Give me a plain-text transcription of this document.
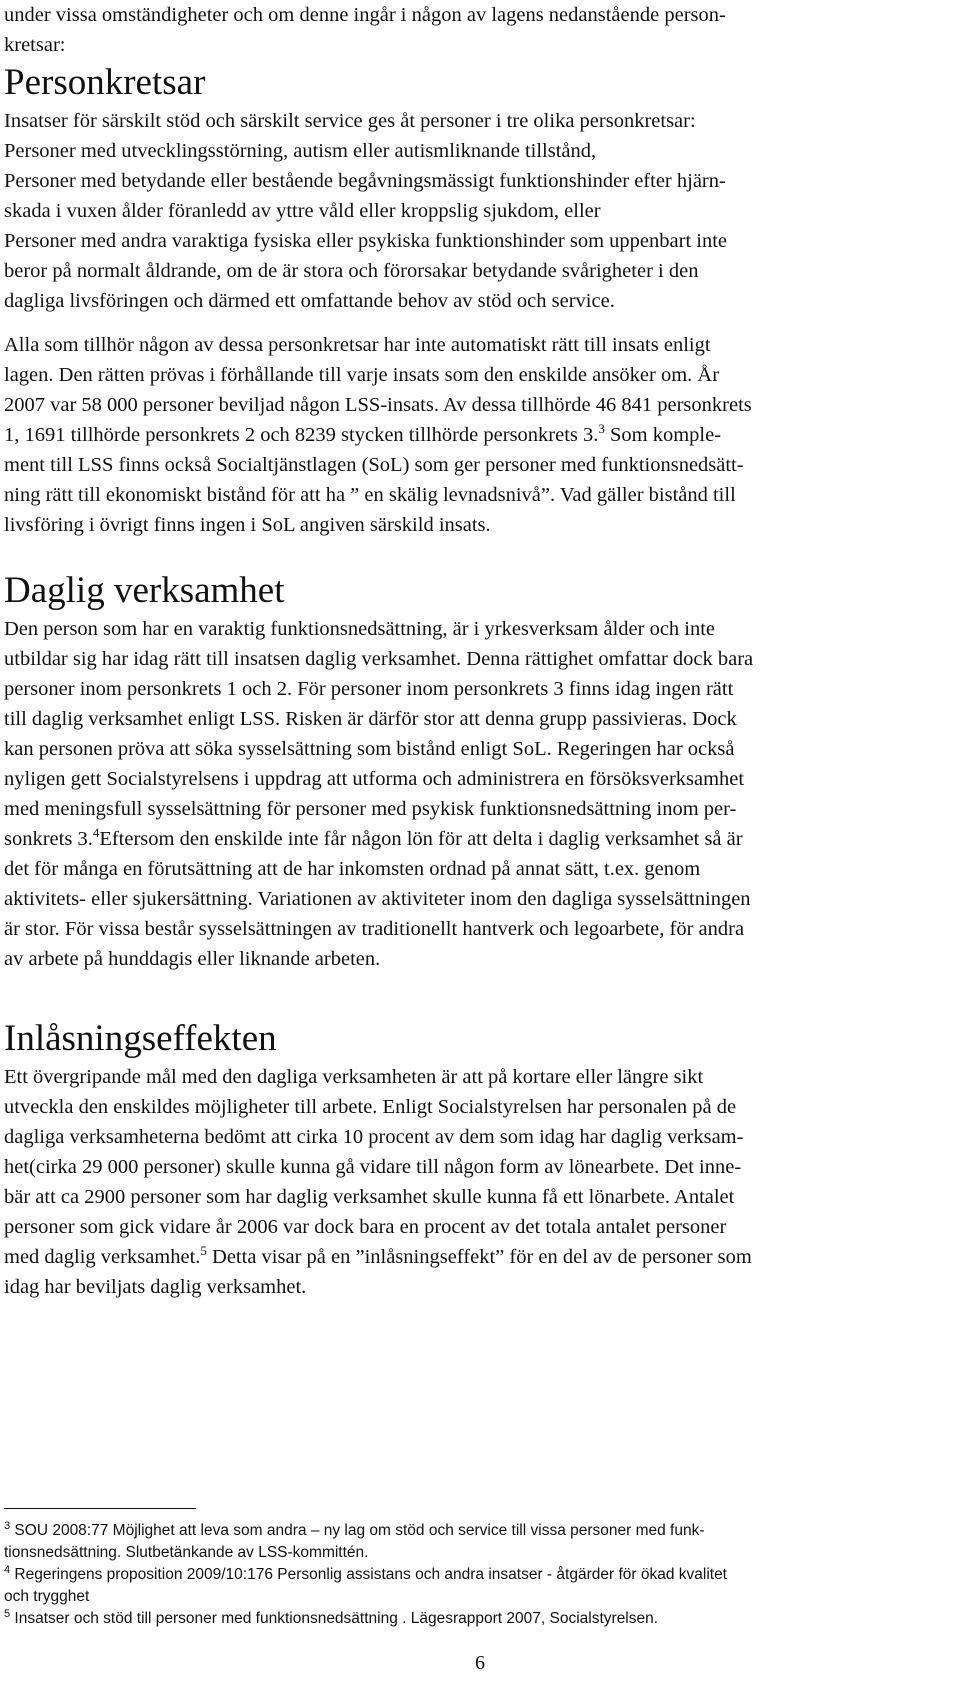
under vissa omständigheter och om denne ingår i någon av lagens nedanstående person-
kretsar:
Personkretsar
Insatser för särskilt stöd och särskilt service ges åt personer i tre olika personkretsar:
Personer med utvecklingsstörning, autism eller autismliknande tillstånd,
Personer med betydande eller bestående begåvningsmässigt funktionshinder efter hjärn-
skada i vuxen ålder föranledd av yttre våld eller kroppslig sjukdom, eller
Personer med andra varaktiga fysiska eller psykiska funktionshinder som uppenbart inte
beror på normalt åldrande, om de är stora och förorsakar betydande svårigheter i den
dagliga livsföringen och därmed ett omfattande behov av stöd och service.
Alla som tillhör någon av dessa personkretsar har inte automatiskt rätt till insats enligt
lagen. Den rätten prövas i förhållande till varje insats som den enskilde ansöker om. År
2007 var 58 000 personer beviljad någon LSS-insats. Av dessa tillhörde 46 841 personkrets
1, 1691 tillhörde personkrets 2 och 8239 stycken tillhörde personkrets 3.$^3$ Som komple-
ment till LSS finns också Socialtjänstlagen (SoL) som ger personer med funktionsnedsätt-
ning rätt till ekonomiskt bistånd för att ha ” en skälig levnadsnivå”. Vad gäller bistånd till
livsföring i övrigt finns ingen i SoL angiven särskild insats.
Daglig verksamhet
Den person som har en varaktig funktionsnedsättning, är i yrkesverksam ålder och inte
utbildar sig har idag rätt till insatsen daglig verksamhet. Denna rättighet omfattar dock bara
personer inom personkrets 1 och 2. För personer inom personkrets 3 finns idag ingen rätt
till daglig verksamhet enligt LSS. Risken är därför stor att denna grupp passivieras. Dock
kan personen pröva att söka sysselsättning som bistånd enligt SoL. Regeringen har också
nyligen gett Socialstyrelsens i uppdrag att utforma och administrera en försöksverksamhet
med meningsfull sysselsättning för personer med psykisk funktionsnedsättning inom per-
sonkrets 3.$^4$Eftersom den enskilde inte får någon lön för att delta i daglig verksamhet så är
det för många en förutsättning att de har inkomsten ordnad på annat sätt, t.ex. genom
aktivitets- eller sjukersättning. Variationen av aktiviteter inom den dagliga sysselsättningen
är stor. För vissa består sysselsättningen av traditionellt hantverk och legoarbete, för andra
av arbete på hunddagis eller liknande arbeten.
Inlåsningseffekten
Ett övergripande mål med den dagliga verksamheten är att på kortare eller längre sikt
utveckla den enskildes möjligheter till arbete. Enligt Socialstyrelsen har personalen på de
dagliga verksamheterna bedömt att cirka 10 procent av dem som idag har daglig verksam-
het(cirka 29 000 personer) skulle kunna gå vidare till någon form av lönearbete. Det inne-
bär att ca 2900 personer som har daglig verksamhet skulle kunna få ett lönarbete. Antalet
personer som gick vidare år 2006 var dock bara en procent av det totala antalet personer
med daglig verksamhet.$^5$ Detta visar på en ”inlåsningseffekt” för en del av de personer som
idag har beviljats daglig verksamhet.
$^3$ SOU 2008:77 Möjlighet att leva som andra – ny lag om stöd och service till vissa personer med funk-
tionsnedsättning. Slutbetänkande av LSS-kommittén.
$^4$ Regeringens proposition 2009/10:176 Personlig assistans och andra insatser - åtgärder för ökad kvalitet
och trygghet
$^5$ Insatser och stöd till personer med funktionsnedsättning . Lägesrapport 2007, Socialstyrelsen.
6
